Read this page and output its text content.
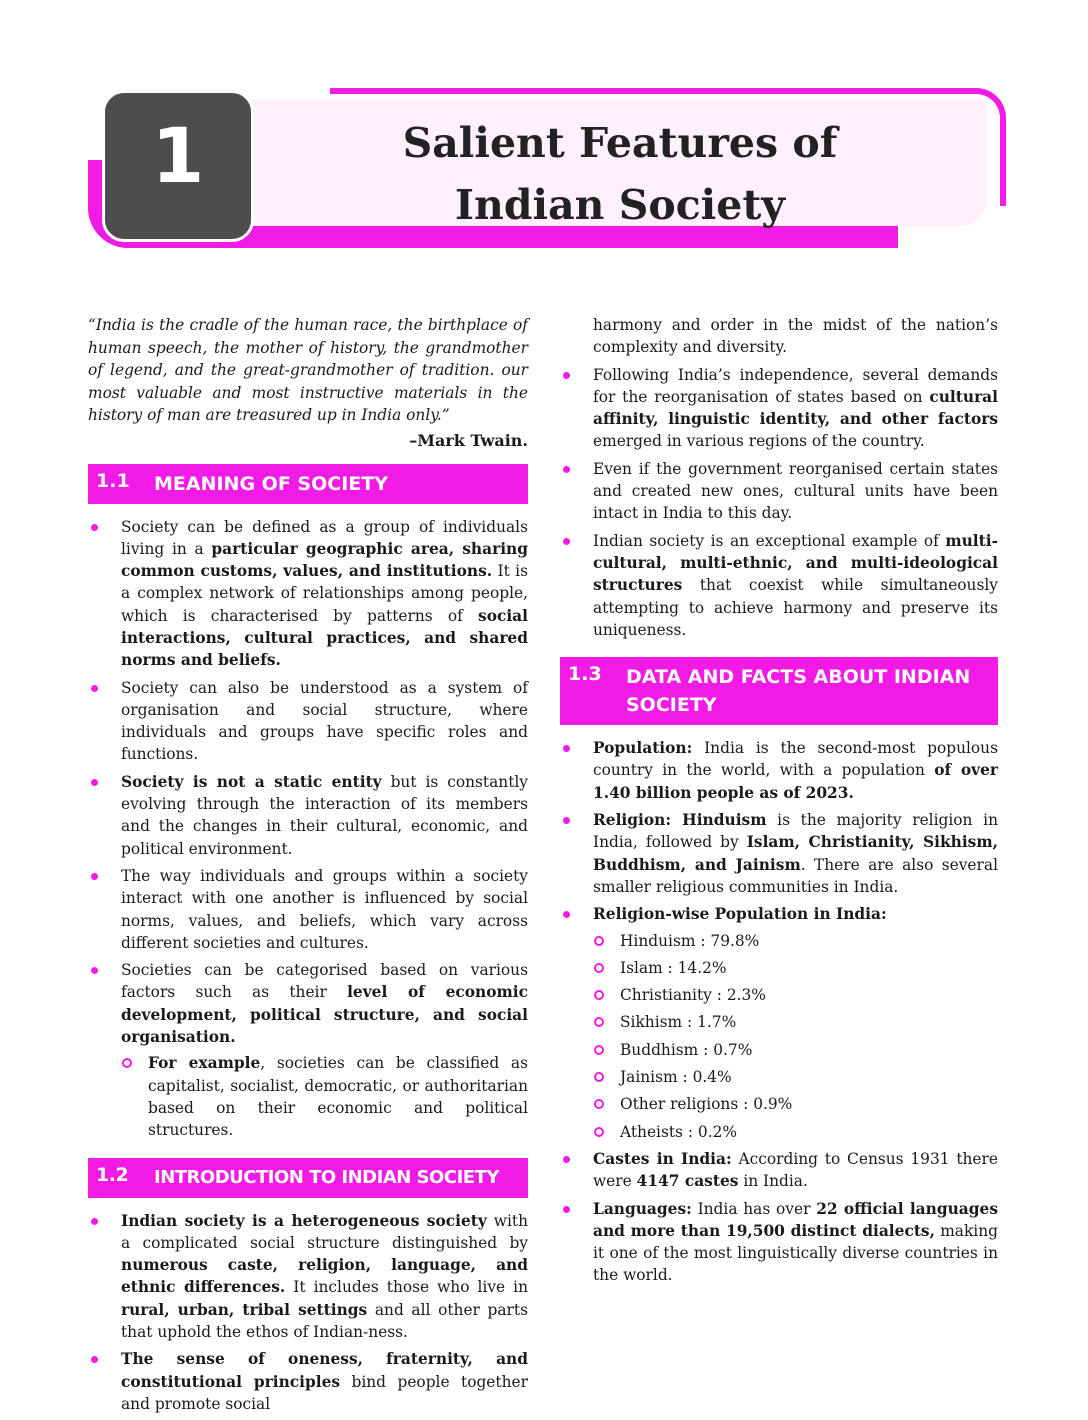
1	Salient Features of
Indian Society
“India is the cradle of the human race, the birthplace of human speech, the mother of history, the grandmother of legend, and the great-grandmother of tradition. our most valuable and most instructive materials in the history of man are treasured up in India only.”
–Mark Twain.
1.1	MEANING OF SOCIETY
Society can be defined as a group of individuals living in a particular geographic area, sharing common customs, values, and institutions. It is a complex network of relationships among people, which is characterised by patterns of social interactions, cultural practices, and shared norms and beliefs.
Society can also be understood as a system of organisation and social structure, where individuals and groups have specific roles and functions.
Society is not a static entity but is constantly evolving through the interaction of its members and the changes in their cultural, economic, and political environment.
The way individuals and groups within a society interact with one another is influenced by social norms, values, and beliefs, which vary across different societies and cultures.
Societies can be categorised based on various factors such as their level of economic development, political structure, and social organisation.
For example, societies can be classified as capitalist, socialist, democratic, or authoritarian based on their economic and political structures.
1.2	INTRODUCTION TO INDIAN SOCIETY
Indian society is a heterogeneous society with a complicated social structure distinguished by numerous caste, religion, language, and ethnic differences. It includes those who live in rural, urban, tribal settings and all other parts that uphold the ethos of Indian-ness.
The sense of oneness, fraternity, and constitutional principles bind people together and promote social
harmony and order in the midst of the nation’s complexity and diversity.
Following India’s independence, several demands for the reorganisation of states based on cultural affinity, linguistic identity, and other factors emerged in various regions of the country.
Even if the government reorganised certain states and created new ones, cultural units have been intact in India to this day.
Indian society is an exceptional example of multi-cultural, multi-ethnic, and multi-ideological structures that coexist while simultaneously attempting to achieve harmony and preserve its uniqueness.
1.3	DATA AND FACTS ABOUT INDIAN SOCIETY
Population: India is the second-most populous country in the world, with a population of over 1.40 billion people as of 2023.
Religion: Hinduism is the majority religion in India, followed by Islam, Christianity, Sikhism, Buddhism, and Jainism. There are also several smaller religious communities in India.
Religion-wise Population in India:
Hinduism : 79.8%
Islam : 14.2%
Christianity : 2.3%
Sikhism : 1.7%
Buddhism : 0.7%
Jainism : 0.4%
Other religions : 0.9%
Atheists : 0.2%
Castes in India: According to Census 1931 there were 4147 castes in India.
Languages: India has over 22 official languages and more than 19,500 distinct dialects, making it one of the most linguistically diverse countries in the world.
